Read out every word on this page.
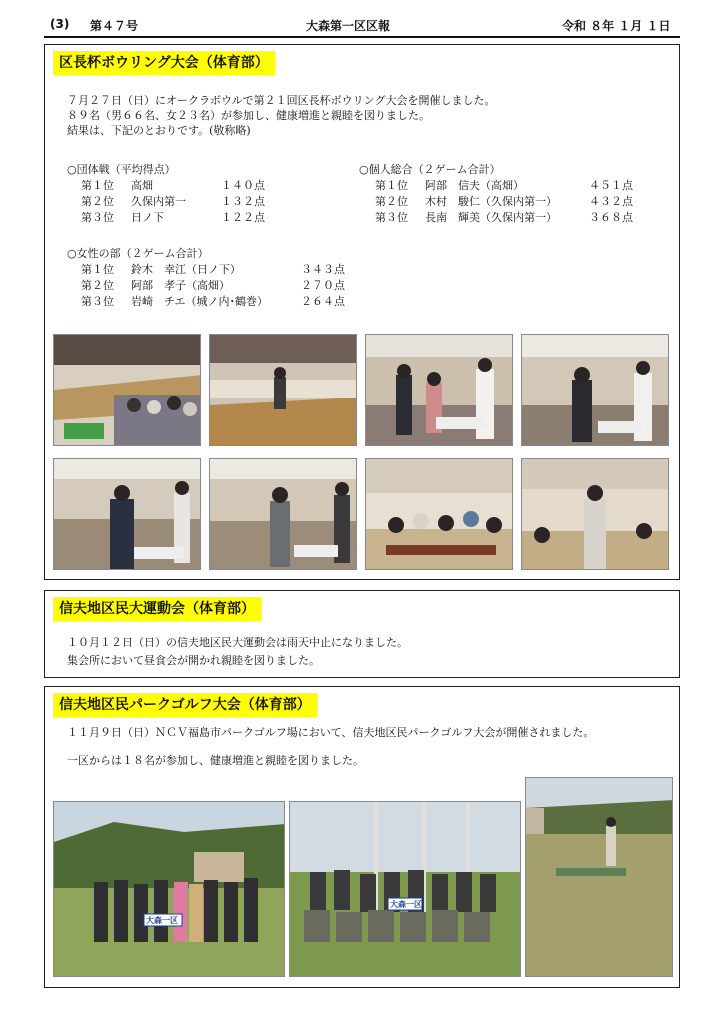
(3) 第４７号	大森第一区区報	令和 ８年 １月 １日
区長杯ボウリング大会（体育部）
７月２７日（日）にオークラボウルで第２１回区長杯ボウリング大会を開催しました。
８９名（男６６名、女２３名）が参加し、健康増進と親睦を図りました。
結果は、下記のとおりです。(敬称略)
○団体戦（平均得点）
第１位 高畑	１４０点
第２位 久保内第一	１３２点
第３位 日ノ下	１２２点
○個人総合（２ゲーム合計）
第１位 阿部　信夫（高畑）	４５１点
第２位 木村　駿仁（久保内第一）	４３２点
第３位 長南　輝美（久保内第一）	３６８点
○女性の部（２ゲーム合計）
第１位 鈴木　幸江（日ノ下）	３４３点
第２位 阿部　孝子（高畑）	２７０点
第３位 岩崎　チエ（城ノ内･鶴巻）	２６４点
信夫地区民大運動会（体育部）
１０月１２日（日）の信夫地区民大運動会は雨天中止になりました。
集会所において昼食会が開かれ親睦を図りました。
信夫地区民パークゴルフ大会（体育部）
１１月９日（日）ＮＣＶ福島市パークゴルフ場において、信夫地区民パークゴルフ大会が開催されました。
一区からは１８名が参加し、健康増進と親睦を図りました。
大森一区
大森一区
